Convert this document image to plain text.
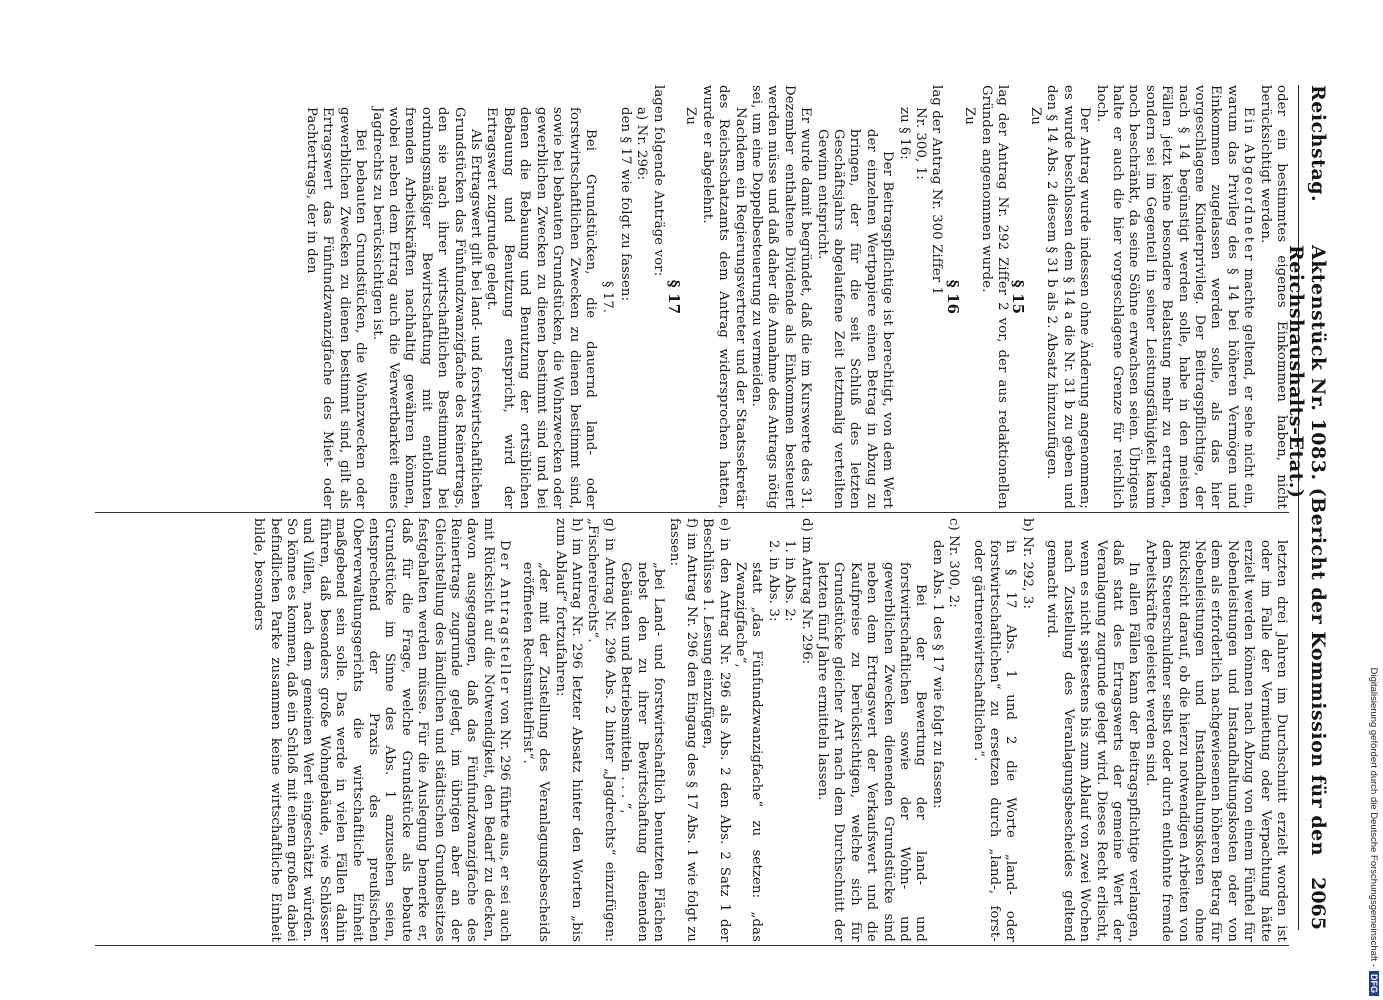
Reichstag.
Aktenstück Nr. 1083. (Bericht der Kommission für den Reichshaushalts-Etat.)
2065

oder ein bestimmtes eigenes Einkommen haben, nicht berücksichtigt werden.

Ein Abgeordneter machte geltend, er sehe nicht ein, warum das Privileg des § 14 bei höheren Vermögen und Einkommen zugelassen werden solle, als das hier vorgeschlagene Kinderprivileg. Der Beitragspflichtige, der nach § 14 begünstigt werden solle, habe in den meisten Fällen jetzt keine besondere Belastung mehr zu ertragen, sondern sei im Gegenteil in seiner Leistungsfähigkeit kaum noch beschränkt, da seine Söhne erwachsen seien. Übrigens halte er auch die hier vorgeschlagene Grenze für reichlich hoch.

Der Antrag wurde indessen ohne Änderung angenommen; es wurde beschlossen dem § 14 a die Nr. 31 b zu geben und den § 14 Abs. 2 diesem § 31 b als 2. Absatz hinzuzufügen.

Zu

§ 15

lag der Antrag Nr. 292 Ziffer 2 vor, der aus redaktionellen Gründen angenommen wurde.

Zu

§ 16

lag der Antrag Nr. 300 Ziffer 1

Nr. 300, 1:

zu § 16:

Der Beitragspflichtige ist berechtigt, von dem Wert der einzelnen Wertpapiere einen Betrag in Abzug zu bringen, der für die seit Schluß des letzten Geschäftsjahrs abgelaufene Zeit letztmalig verteilten Gewinn entspricht.

Er wurde damit begründet, daß die im Kurswerte des 31. Dezember enthaltene Dividende als Einkommen besteuert werden müsse und daß daher die Annahme des Antrags nötig sei, um eine Doppelbesteuerung zu vermeiden.

Nachdem ein Regierungsvertreter und der Staatssekretär des Reichsschatzamts dem Antrag widersprochen hatten, wurde er abgelehnt.

Zu

§ 17

lagen folgende Anträge vor:

a) Nr. 296:

den § 17 wie folgt zu fassen:

§ 17.

Bei Grundstücken, die dauernd land- oder forstwirtschaftlichen Zwecken zu dienen bestimmt sind, sowie bei bebauten Grundstücken, die Wohnzwecken oder gewerblichen Zwecken zu dienen bestimmt sind und bei denen die Bebauung und Benutzung der ortsüblichen Bebauung und Benutzung entspricht, wird der Ertragswert zugrunde gelegt.

Als Ertragswert gilt bei land- und forstwirtschaftlichen Grundstücken das Fünfundzwanzigfache des Reinertrags, den sie nach ihrer wirtschaftlichen Bestimmung bei ordnungsmäßiger Bewirtschaftung mit entlohnten fremden Arbeitskräften nachhaltig gewähren können, wobei neben dem Ertrag auch die Verwertbarkeit eines Jagdrechts zu berücksichtigen ist.

Bei bebauten Grundstücken, die Wohnzwecken oder gewerblichen Zwecken zu dienen bestimmt sind, gilt als Ertragswert das Fünfundzwanzigfache des Miet- oder Pachtertrags, der in den

letzten drei Jahren im Durchschnitt erzielt worden ist oder im Falle der Vermietung oder Verpachtung hätte erzielt werden können nach Abzug von einem Fünftel für Nebenleistungen und Instandhaltungskosten oder von dem als erforderlich nachgewiesenen höheren Betrag für Nebenleistungen und Instandhaltungskosten ohne Rücksicht darauf, ob die hierzu notwendigen Arbeiten von dem Steuerschuldner selbst oder durch entlohnte fremde Arbeitskräfte geleistet werden sind.

In allen Fällen kann der Beitragspflichtige verlangen, daß statt des Ertragswerts der gemeine Wert der Veranlagung zugrunde gelegt wird. Dieses Recht erlischt, wenn es nicht spätestens bis zum Ablauf von zwei Wochen nach Zustellung des Veranlagungsbescheides geltend gemacht wird.

b) Nr. 292, 3:

in § 17 Abs. 1 und 2 die Worte „land- oder forstwirtschaftlichen“ zu ersetzen durch „land-, forst- oder gärtnereiwirtschaftlichen“.

c) Nr. 300, 2:

den Abs. 1 des § 17 wie folgt zu fassen:

Bei der Bewertung der land- und forstwirtschaftlichen sowie der Wohn- und gewerblichen Zwecken dienenden Grundstücke sind neben dem Ertragswert der Verkaufswert und die Kaufpreise zu berücksichtigen, welche sich für Grundstücke gleicher Art nach dem Durchschnitt der letzten fünf Jahre ermitteln lassen.

d) im Antrag Nr. 296:

1. in Abs. 2:

2. in Abs. 3:

statt „das Fünfundzwanzigfache“ zu setzen: „das Zwanzigfache“,

e) in den Antrag Nr. 296 als Abs. 2 den Abs. 2 Satz 1 der Beschlüsse 1. Lesung einzufügen,

f) im Antrag Nr. 296 den Eingang des § 17 Abs. 1 wie folgt zu fassen:

„bei Land- und forstwirtschaftlich benutzten Flächen nebst den zu ihrer Bewirtschaftung dienenden Gebäuden und Betriebsmitteln . . . “,

g) in Antrag Nr. 296 Abs. 2 hinter „Jagdrechts“ einzufügen: „Fischereirechts“.

h) im Antrag Nr. 296 letzter Absatz hinter den Worten „bis zum Ablauf“ fortzufahren:

„der mit der Zustellung des Veranlagungsbescheids eröffneten Rechtsmittelfrist“.

Der Antragsteller von Nr. 296 führte aus, er sei auch mit Rücksicht auf die Notwendigkeit, den Bedarf zu decken, davon ausgegangen, daß das Fünfundzwanzigfache des Reinertrags zugrunde gelegt, im übrigen aber an der Gleichstellung des ländlichen und städtischen Grundbesitzes festgehalten werden müsse. Für die Auslegung bemerke er, daß für die Frage, welche Grundstücke als bebaute Grundstücke im Sinne des Abs. 1 anzusehen seien, entsprechend der Praxis des preußischen Oberverwaltungsgerichts die wirtschaftliche Einheit maßgebend sein solle. Das werde in vielen Fällen dahin führen, daß besonders große Wohngebäude, wie Schlösser und Villen, nach dem gemeinen Wert eingeschätzt würden. So könne es kommen, daß ein Schloß mit einem großen dabei befindlichen Parke zusammen keine wirtschaftliche Einheit bilde, besonders

Digitalisierung gefördert durch die Deutsche Forschungsgemeinschaft -DFG
